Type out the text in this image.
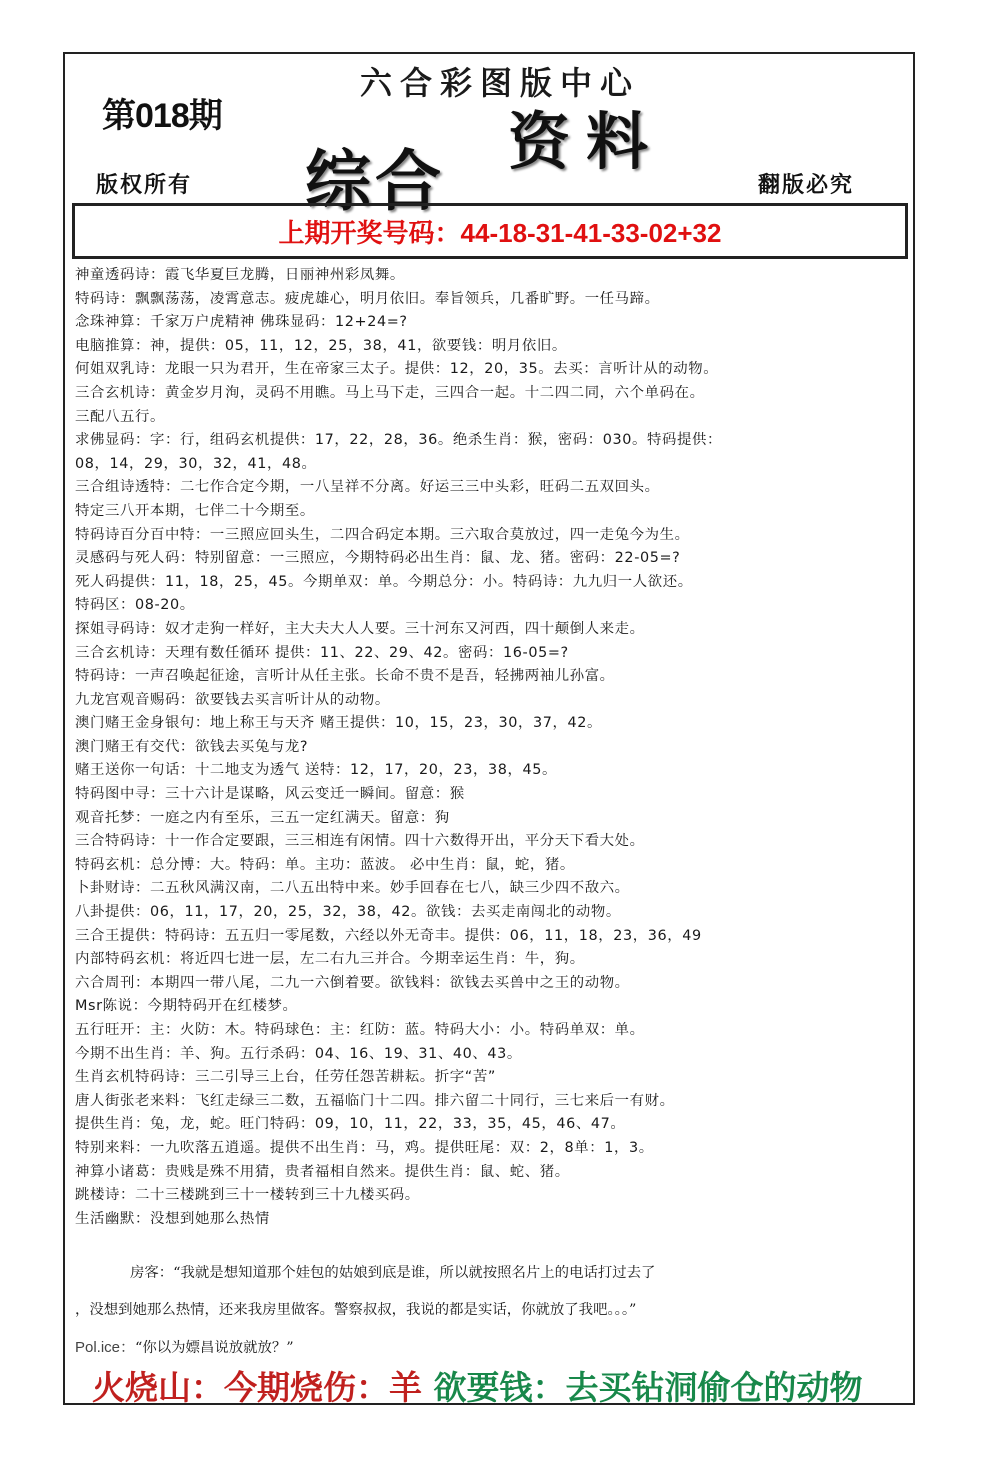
第018期
六合彩图版中心
综合
资料
版权所有	翻版必究
上期开奖号码：44-18-31-41-33-02+32
神童透码诗：霞飞华夏巨龙腾，日丽神州彩凤舞。
特码诗：飘飘荡荡，凌霄意志。疲虎雄心，明月依旧。奉旨领兵，几番旷野。一任马蹄。
念珠神算：千家万户虎精神 佛珠显码：12+24=?
电脑推算：神，提供：05，11，12，25，38，41，欲要钱：明月依旧。
何姐双乳诗：龙眼一只为君开，生在帝家三太子。提供：12，20，35。去买：言听计从的动物。
三合玄机诗：黄金岁月洵，灵码不用瞧。马上马下走，三四合一起。十二四二同，六个单码在。
三配八五行。
求佛显码：字：行，组码玄机提供：17，22，28，36。绝杀生肖：猴，密码：030。特码提供：
08，14，29，30，32，41，48。
三合组诗透特：二七作合定今期，一八呈祥不分离。好运三三中头彩，旺码二五双回头。
特定三八开本期，七伴二十今期至。
特码诗百分百中特：一三照应回头生，二四合码定本期。三六取合莫放过，四一走兔今为生。
灵感码与死人码：特别留意：一三照应，今期特码必出生肖：鼠、龙、猪。密码：22-05=?
死人码提供：11，18，25，45。今期单双：单。今期总分：小。特码诗：九九归一人欲还。
特码区：08-20。
探姐寻码诗：奴才走狗一样好，主大夫大人人要。三十河东又河西，四十颠倒人来走。
三合玄机诗：天理有数任循环 提供：11、22、29、42。密码：16-05=?
特码诗：一声召唤起征途，言听计从任主张。长命不贵不是吾，轻拂两袖儿孙富。
九龙宫观音赐码：欲要钱去买言听计从的动物。
澳门赌王金身银句：地上称王与天齐 赌王提供：10，15，23，30，37，42。
澳门赌王有交代：欲钱去买兔与龙?
赌王送你一句话：十二地支为透气 送特：12，17，20，23，38，45。
特码图中寻：三十六计是谋略，风云变迁一瞬间。留意：猴
观音托梦：一庭之内有至乐，三五一定红满天。留意：狗
三合特码诗：十一作合定要跟，三三相连有闲情。四十六数得开出，平分天下看大处。
特码玄机：总分博：大。特码：单。主功：蓝波。 必中生肖：鼠，蛇，猪。
卜卦财诗：二五秋风满汉南，二八五出特中来。妙手回春在七八，缺三少四不敌六。
八卦提供：06，11，17，20，25，32，38，42。欲钱：去买走南闯北的动物。
三合王提供：特码诗：五五归一零尾数，六经以外无奇丰。提供：06，11，18，23，36，49
内部特码玄机：将近四七进一层，左二右九三并合。今期幸运生肖：牛，狗。
六合周刊：本期四一带八尾，二九一六倒着要。欲钱料：欲钱去买兽中之王的动物。
Msr陈说：今期特码开在红楼梦。
五行旺开：主：火防：木。特码球色：主：红防：蓝。特码大小：小。特码单双：单。
今期不出生肖：羊、狗。五行杀码：04、16、19、31、40、43。
生肖玄机特码诗：三二引导三上台，任劳任怨苦耕耘。折字“苦”
唐人街张老来料：飞红走绿三二数，五福临门十二四。排六留二十同行，三七来后一有财。
提供生肖：兔，龙，蛇。旺门特码：09，10，11，22，33，35，45，46、47。
特别来料：一九吹落五逍遥。提供不出生肖：马，鸡。提供旺尾：双：2，8单：1，3。
神算小诸葛：贵贱是殊不用猜，贵者福相自然来。提供生肖：鼠、蛇、猪。
跳楼诗：二十三楼跳到三十一楼转到三十九楼买码。
生活幽默：没想到她那么热情
房客：“我就是想知道那个娃包的姑娘到底是谁，所以就按照名片上的电话打过去了
，没想到她那么热情，还来我房里做客。警察叔叔，我说的都是实话，你就放了我吧。。。”
Pol.ice：“你以为嫖昌说放就放？”
火烧山：今期烧伤：羊 欲要钱：去买钻洞偷仓的动物
